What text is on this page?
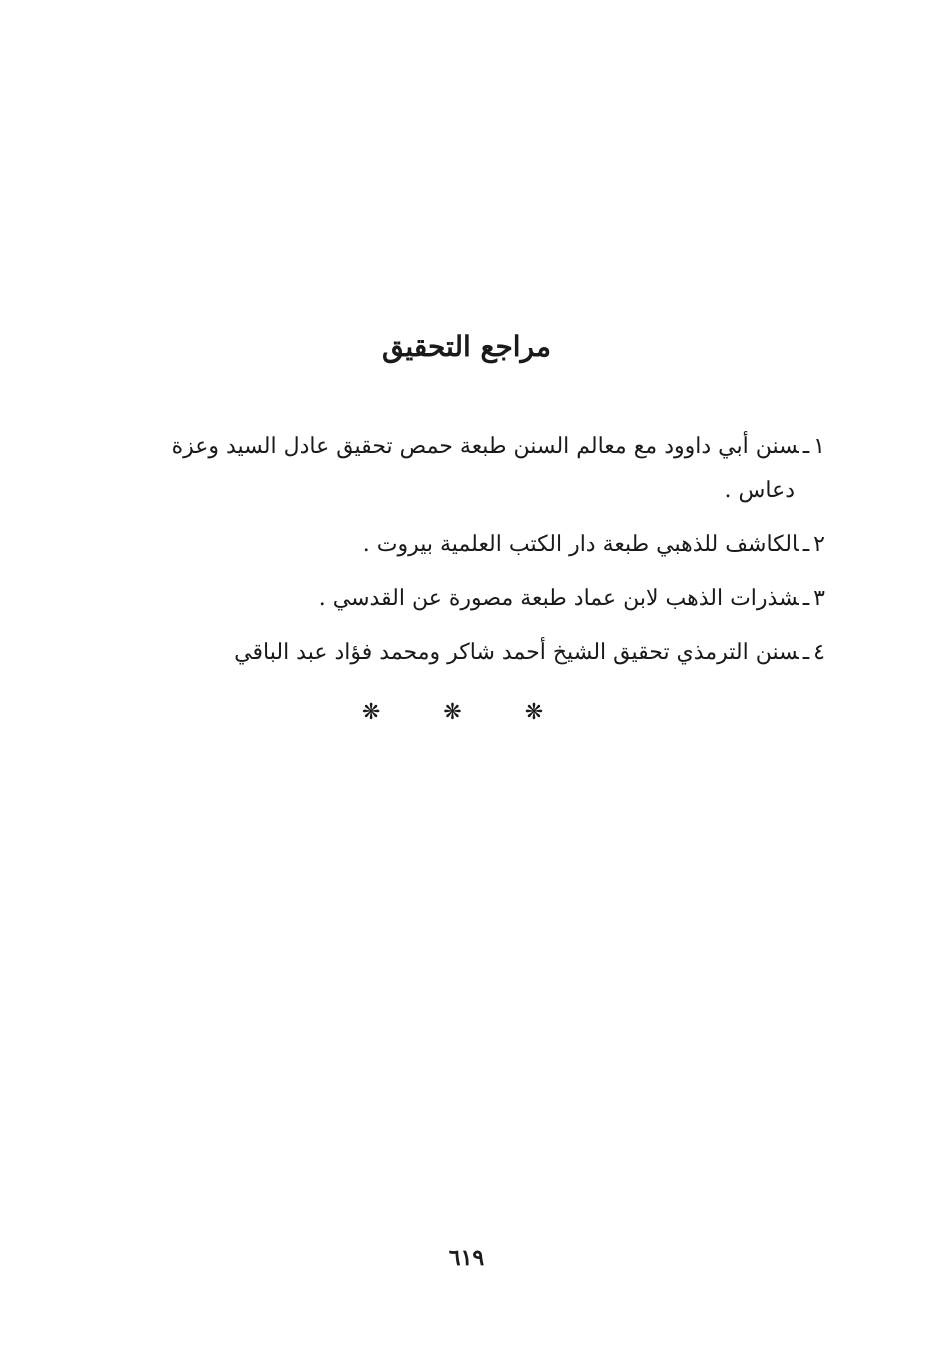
مراجع التحقيق
١ـسنن أبي داوود مع معالم السنن طبعة حمص تحقيق عادل السيد وعزة
دعاس .
٢ـالكاشف للذهبي طبعة دار الكتب العلمية بيروت .
٣ـشذرات الذهب لابن عماد طبعة مصورة عن القدسي .
٤ـسنن الترمذي تحقيق الشيخ أحمد شاكر ومحمد فؤاد عبد الباقي
❋ ❋ ❋
٦١٩
